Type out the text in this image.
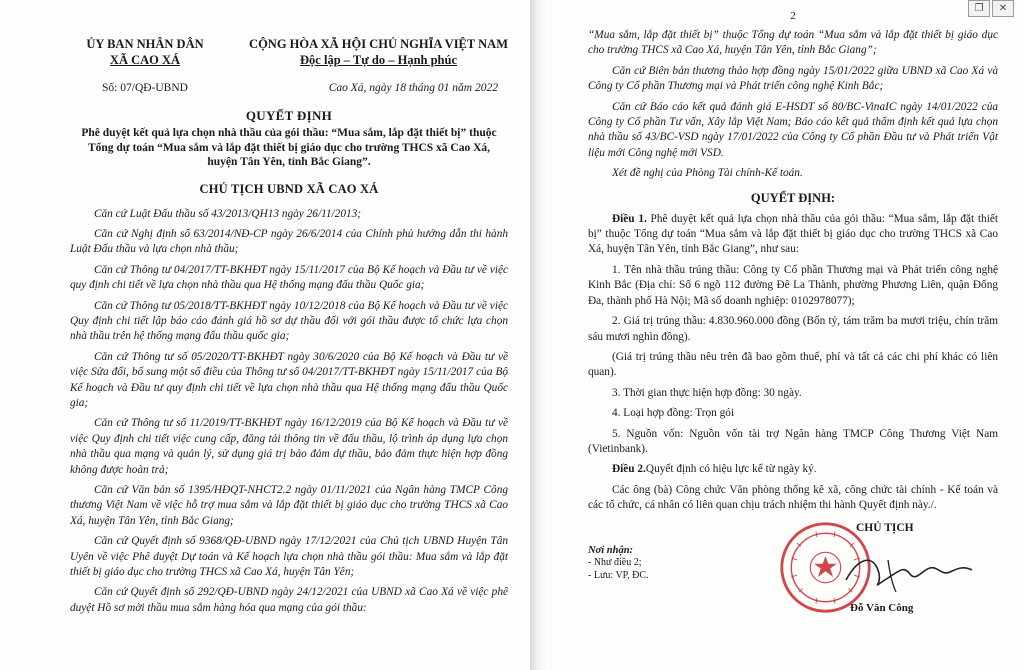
ỦY BAN NHÂN DÂN
XÃ CAO XÁ
CỘNG HÒA XÃ HỘI CHỦ NGHĨA VIỆT NAM
Độc lập – Tự do – Hạnh phúc
Số: 07/QĐ-UBND	Cao Xá, ngày 18 tháng 01 năm 2022
QUYẾT ĐỊNH
Phê duyệt kết quả lựa chọn nhà thầu của gói thầu: “Mua sắm, lắp đặt thiết bị” thuộc Tổng dự toán “Mua sắm và lắp đặt thiết bị giáo dục cho trường THCS xã Cao Xá, huyện Tân Yên, tỉnh Bắc Giang”.
CHỦ TỊCH UBND XÃ CAO XÁ

Căn cứ Luật Đấu thầu số 43/2013/QH13 ngày 26/11/2013;

Căn cứ Nghị định số 63/2014/NĐ-CP ngày 26/6/2014 của Chính phủ hướng dẫn thi hành Luật Đấu thầu và lựa chọn nhà thầu;

Căn cứ Thông tư 04/2017/TT-BKHĐT ngày 15/11/2017 của Bộ Kế hoạch và Đầu tư về việc quy định chi tiết về lựa chọn nhà thầu qua Hệ thống mạng đấu thầu Quốc gia;

Căn cứ Thông tư 05/2018/TT-BKHĐT ngày 10/12/2018 của Bộ Kế hoạch và Đầu tư về việc Quy định chi tiết lập báo cáo đánh giá hồ sơ dự thầu đối với gói thầu được tổ chức lựa chọn nhà thầu trên hệ thống mạng đấu thầu quốc gia;

Căn cứ Thông tư số 05/2020/TT-BKHĐT ngày 30/6/2020 của Bộ Kế hoạch và Đầu tư về việc Sửa đổi, bổ sung một số điều của Thông tư số 04/2017/TT-BKHĐT ngày 15/11/2017 của Bộ Kế hoạch và Đầu tư quy định chi tiết về lựa chọn nhà thầu qua Hệ thống mạng đấu thầu Quốc gia;

Căn cứ Thông tư số 11/2019/TT-BKHĐT ngày 16/12/2019 của Bộ Kế hoạch và Đầu tư về việc Quy định chi tiết việc cung cấp, đăng tải thông tin về đấu thầu, lộ trình áp dụng lựa chọn nhà thầu qua mạng và quản lý, sử dụng giá trị bảo đảm dự thầu, bảo đảm thực hiện hợp đồng không được hoàn trả;

Căn cứ Văn bản số 1395/HĐQT-NHCT2.2 ngày 01/11/2021 của Ngân hàng TMCP Công thương Việt Nam về việc hỗ trợ mua sắm và lắp đặt thiết bị giáo dục cho trường THCS xã Cao Xá, huyện Tân Yên, tỉnh Bắc Giang;

Căn cứ Quyết định số 9368/QĐ-UBND ngày 17/12/2021 của Chủ tịch UBND Huyện Tân Uyên về việc Phê duyệt Dự toán và Kế hoạch lựa chọn nhà thầu gói thầu: Mua sắm và lắp đặt thiết bị giáo dục cho trường THCS xã Cao Xá, huyện Tân Yên;

Căn cứ Quyết định số 292/QĐ-UBND ngày 24/12/2021 của UBND xã Cao Xá về việc phê duyệt Hồ sơ mời thầu mua sắm hàng hóa qua mạng của gói thầu:

2

“Mua sắm, lắp đặt thiết bị” thuộc Tổng dự toán “Mua sắm và lắp đặt thiết bị giáo dục cho trường THCS xã Cao Xá, huyện Tân Yên, tỉnh Bắc Giang”;

Căn cứ Biên bản thương thảo hợp đồng ngày 15/01/2022 giữa UBND xã Cao Xá và Công ty Cổ phần Thương mại và Phát triển công nghệ Kinh Bắc;

Căn cứ Báo cáo kết quả đánh giá E-HSDT số 80/BC-VinaIC ngày 14/01/2022 của Công ty Cổ phần Tư vấn, Xây lắp Việt Nam; Báo cáo kết quả thẩm định kết quả lựa chọn nhà thầu số 43/BC-VSD ngày 17/01/2022 của Công ty Cổ phần Đầu tư và Phát triển Vật liệu mới Công nghệ mới VSD.

Xét đề nghị của Phòng Tài chính-Kế toán.

QUYẾT ĐỊNH:

Điều 1. Phê duyệt kết quả lựa chọn nhà thầu của gói thầu: “Mua sắm, lắp đặt thiết bị” thuộc Tổng dự toán “Mua sắm và lắp đặt thiết bị giáo dục cho trường THCS xã Cao Xá, huyện Tân Yên, tỉnh Bắc Giang”, như sau:

1. Tên nhà thầu trúng thầu: Công ty Cổ phần Thương mại và Phát triển công nghệ Kinh Bắc (Địa chỉ: Số 6 ngõ 112 đường Đê La Thành, phường Phương Liên, quận Đống Đa, thành phố Hà Nội; Mã số doanh nghiệp: 0102978077);

2. Giá trị trúng thầu: 4.830.960.000 đồng (Bốn tỷ, tám trăm ba mươi triệu, chín trăm sáu mươi nghìn đồng).

(Giá trị trúng thầu nêu trên đã bao gồm thuế, phí và tất cả các chi phí khác có liên quan).

3. Thời gian thực hiện hợp đồng: 30 ngày.

4. Loại hợp đồng: Trọn gói

5. Nguồn vốn: Nguồn vốn tài trợ Ngân hàng TMCP Công Thương Việt Nam (Vietinbank).

Điều 2.Quyết định có hiệu lực kể từ ngày ký.

Các ông (bà) Công chức Văn phòng thống kê xã, công chức tài chính - Kế toán và các tổ chức, cá nhân có liên quan chịu trách nhiệm thi hành Quyết định này./.

Nơi nhận:
- Như điều 2;
- Lưu: VP, ĐC.
CHỦ TỊCH
Đỗ Văn Công
❐	✕
